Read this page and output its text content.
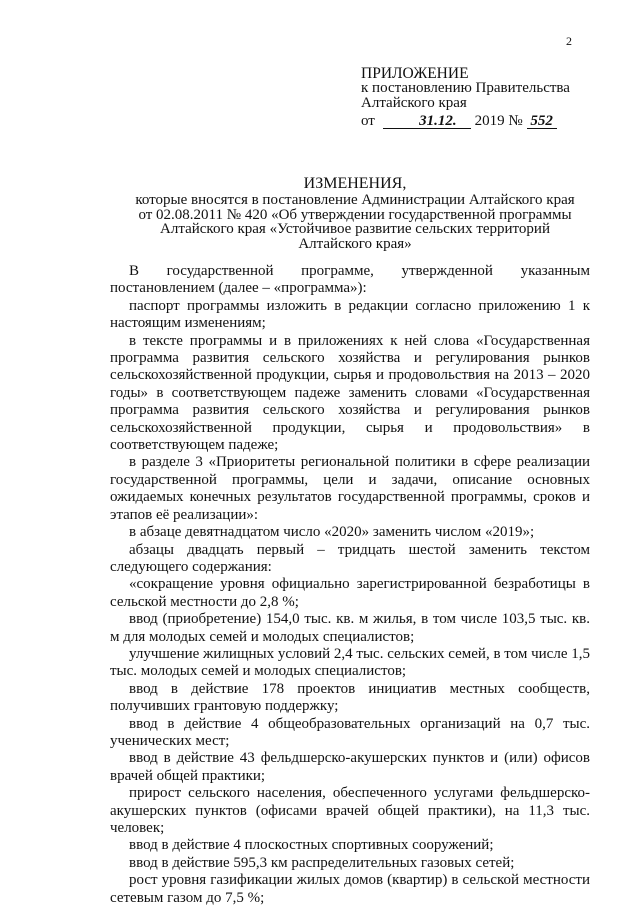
2
ПРИЛОЖЕНИЕ
к постановлению Правительства
Алтайского края
от	31.12. 2019 № 552
ИЗМЕНЕНИЯ,
которые вносятся в постановление Администрации Алтайского края
от 02.08.2011 № 420 «Об утверждении государственной программы
Алтайского края «Устойчивое развитие сельских территорий
Алтайского края»

В государственной программе, утвержденной указанным постановлением (далее – «программа»):

паспорт программы изложить в редакции согласно приложению 1 к настоящим изменениям;

в тексте программы и в приложениях к ней слова «Государственная программа развития сельского хозяйства и регулирования рынков сельскохозяйственной продукции, сырья и продовольствия на 2013 – 2020 годы» в соответствующем падеже заменить словами «Государственная программа развития сельского хозяйства и регулирования рынков сельскохозяйственной продукции, сырья и продовольствия» в соответствующем падеже;

в разделе 3 «Приоритеты региональной политики в сфере реализации государственной программы, цели и задачи, описание основных ожидаемых конечных результатов государственной программы, сроков и этапов её реализации»:

в абзаце девятнадцатом число «2020» заменить числом «2019»;

абзацы двадцать первый – тридцать шестой заменить текстом следующего содержания:

«сокращение уровня официально зарегистрированной безработицы в сельской местности до 2,8 %;

ввод (приобретение) 154,0 тыс. кв. м жилья, в том числе 103,5 тыс. кв. м для молодых семей и молодых специалистов;

улучшение жилищных условий 2,4 тыс. сельских семей, в том числе 1,5 тыс. молодых семей и молодых специалистов;

ввод в действие 178 проектов инициатив местных сообществ, получивших грантовую поддержку;

ввод в действие 4 общеобразовательных организаций на 0,7 тыс. ученических мест;

ввод в действие 43 фельдшерско-акушерских пунктов и (или) офисов врачей общей практики;

прирост сельского населения, обеспеченного услугами фельдшерско-акушерских пунктов (офисами врачей общей практики), на 11,3 тыс. человек;

ввод в действие 4 плоскостных спортивных сооружений;

ввод в действие 595,3 км распределительных газовых сетей;

рост уровня газификации жилых домов (квартир) в сельской местности сетевым газом до 7,5 %;
